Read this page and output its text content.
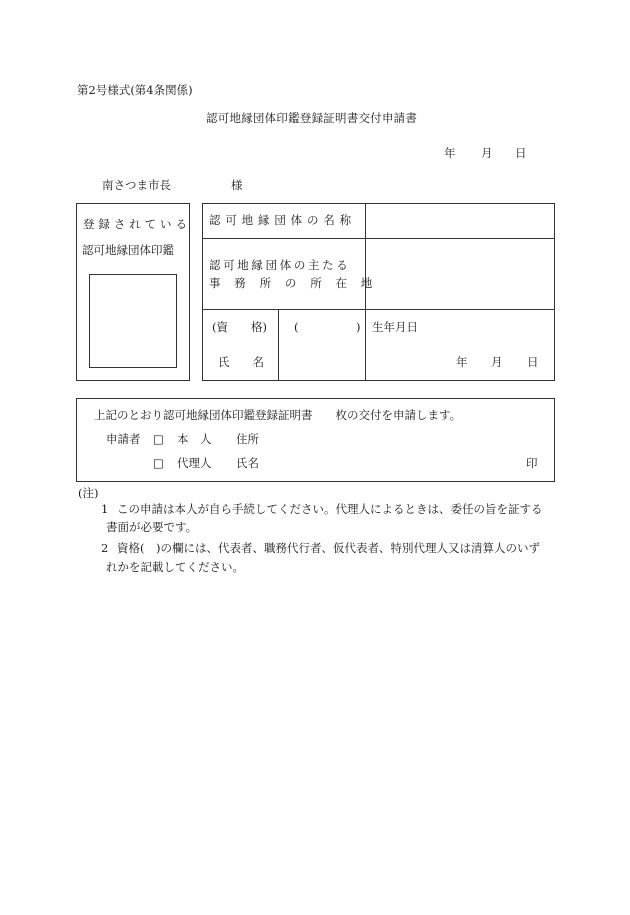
第2号様式(第4条関係)
認可地縁団体印鑑登録証明書交付申請書
年 月 日
南さつま市長	様
登録されている
認可地縁団体印鑑
認可地縁団体の名称
認可地縁団体の主たる
事務所の所在地
(資　　格)
氏　　名
(　　　　　) 生年月日
年 月 日
上記のとおり認可地縁団体印鑑登録証明書　　枚の交付を申請します。
申請者 □ 本　人 住所
□ 代理人 氏名	印
(注)
1 この申請は本人が自ら手続してください。代理人によるときは、委任の旨を証する
書面が必要です。
2 資格(　)の欄には、代表者、職務代行者、仮代表者、特別代理人又は清算人のいず
れかを記載してください。
